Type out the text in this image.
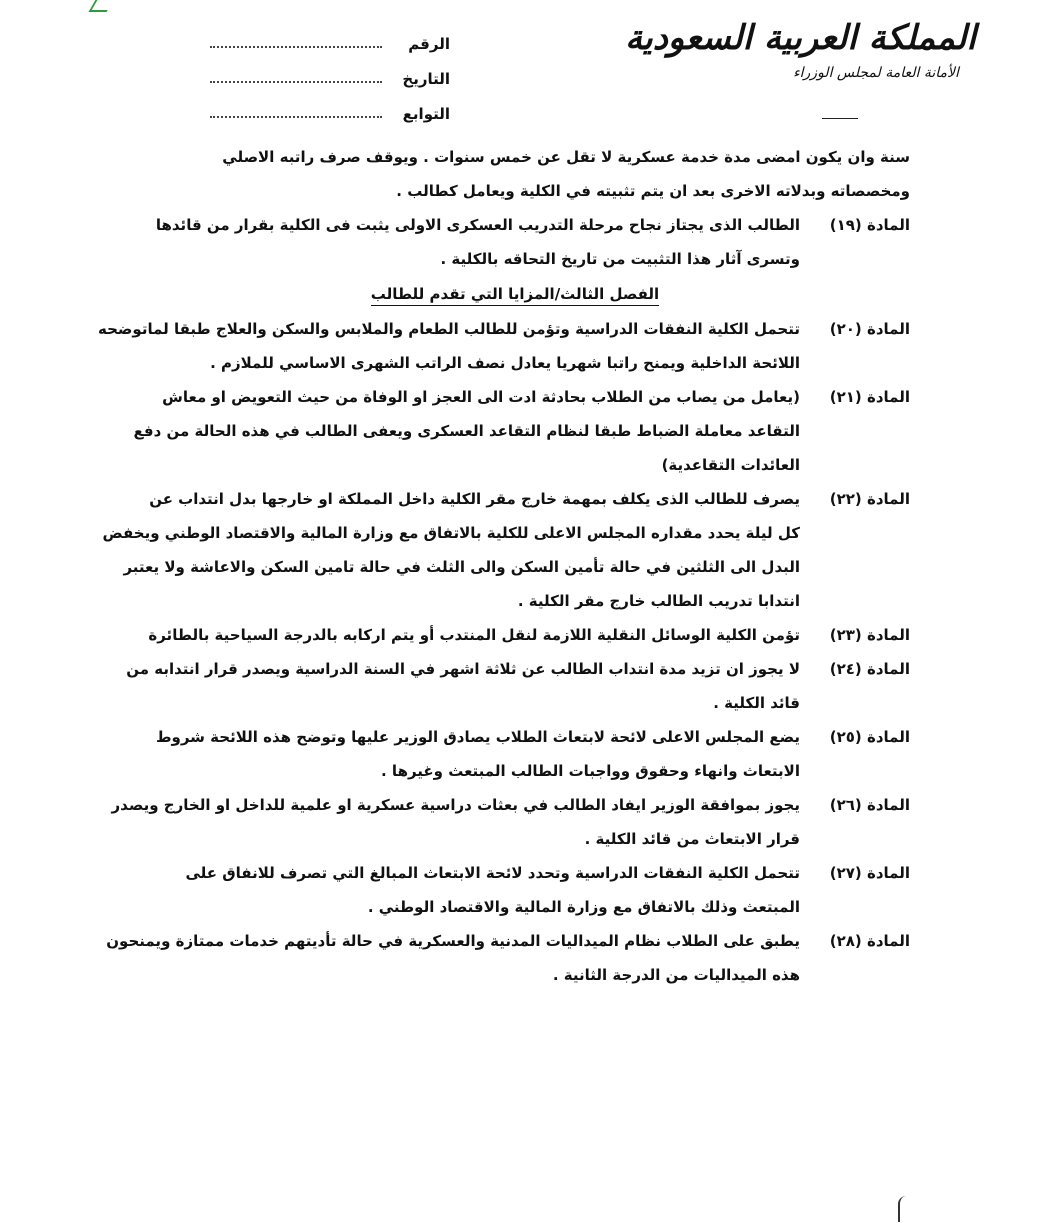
المملكة العربية السعودية
الأمانة العامة لمجلس الوزراء
الرقم
التاريخ
التوابع
سنة وان يكون امضى مدة خدمة عسكرية لا تقل عن خمس سنوات . ويوقف صرف راتبه الاصلي
ومخصصاته وبدلاته الاخرى بعد ان يتم تثبيته في الكلية ويعامل كطالب .
المادة (١٩)
الطالب الذى يجتاز نجاح مرحلة التدريب العسكرى الاولى يثبت فى الكلية بقرار من قائدها
وتسرى آثار هذا التثبيت من تاريخ التحاقه بالكلية .
الفصل الثالث/المزايا التي تقدم للطالب
المادة (٢٠)
تتحمل الكلية النفقات الدراسية وتؤمن للطالب الطعام والملابس والسكن والعلاج طبقا لماتوضحه
اللائحة الداخلية ويمنح راتبا شهريا يعادل نصف الراتب الشهرى الاساسي للملازم .
المادة (٢١)
(يعامل من يصاب من الطلاب بحادثة ادت الى العجز او الوفاة من حيث التعويض او معاش
التقاعد معاملة الضباط طبقا لنظام التقاعد العسكرى ويعفى الطالب في هذه الحالة من دفع
العائدات التقاعدية)
المادة (٢٢)
يصرف للطالب الذى يكلف بمهمة خارج مقر الكلية داخل المملكة او خارجها بدل انتداب عن
كل ليلة يحدد مقداره المجلس الاعلى للكلية بالاتفاق مع وزارة المالية والاقتصاد الوطني ويخفض
البدل الى الثلثين في حالة تأمين السكن والى الثلث في حالة تامين السكن والاعاشة ولا يعتبر
انتدابا تدريب الطالب خارج مقر الكلية .
المادة (٢٣)
تؤمن الكلية الوسائل النقلية اللازمة لنقل المنتدب أو يتم اركابه بالدرجة السياحية بالطائرة
المادة (٢٤)
لا يجوز ان تزيد مدة انتداب الطالب عن ثلاثة اشهر في السنة الدراسية ويصدر قرار انتدابه من
قائد الكلية .
المادة (٢٥)
يضع المجلس الاعلى لائحة لابتعاث الطلاب يصادق الوزير عليها وتوضح هذه اللائحة شروط
الابتعاث وانهاء وحقوق وواجبات الطالب المبتعث وغيرها .
المادة (٢٦)
يجوز بموافقة الوزير ايفاد الطالب في بعثات دراسية عسكرية او علمية للداخل او الخارج ويصدر
قرار الابتعاث من قائد الكلية .
المادة (٢٧)
تتحمل الكلية النفقات الدراسية وتحدد لائحة الابتعاث المبالغ التي تصرف للانفاق على
المبتعث وذلك بالاتفاق مع وزارة المالية والاقتصاد الوطني .
المادة (٢٨)
يطبق على الطلاب نظام الميداليات المدنية والعسكرية في حالة تأديتهم خدمات ممتازة ويمنحون
هذه الميداليات من الدرجة الثانية .
